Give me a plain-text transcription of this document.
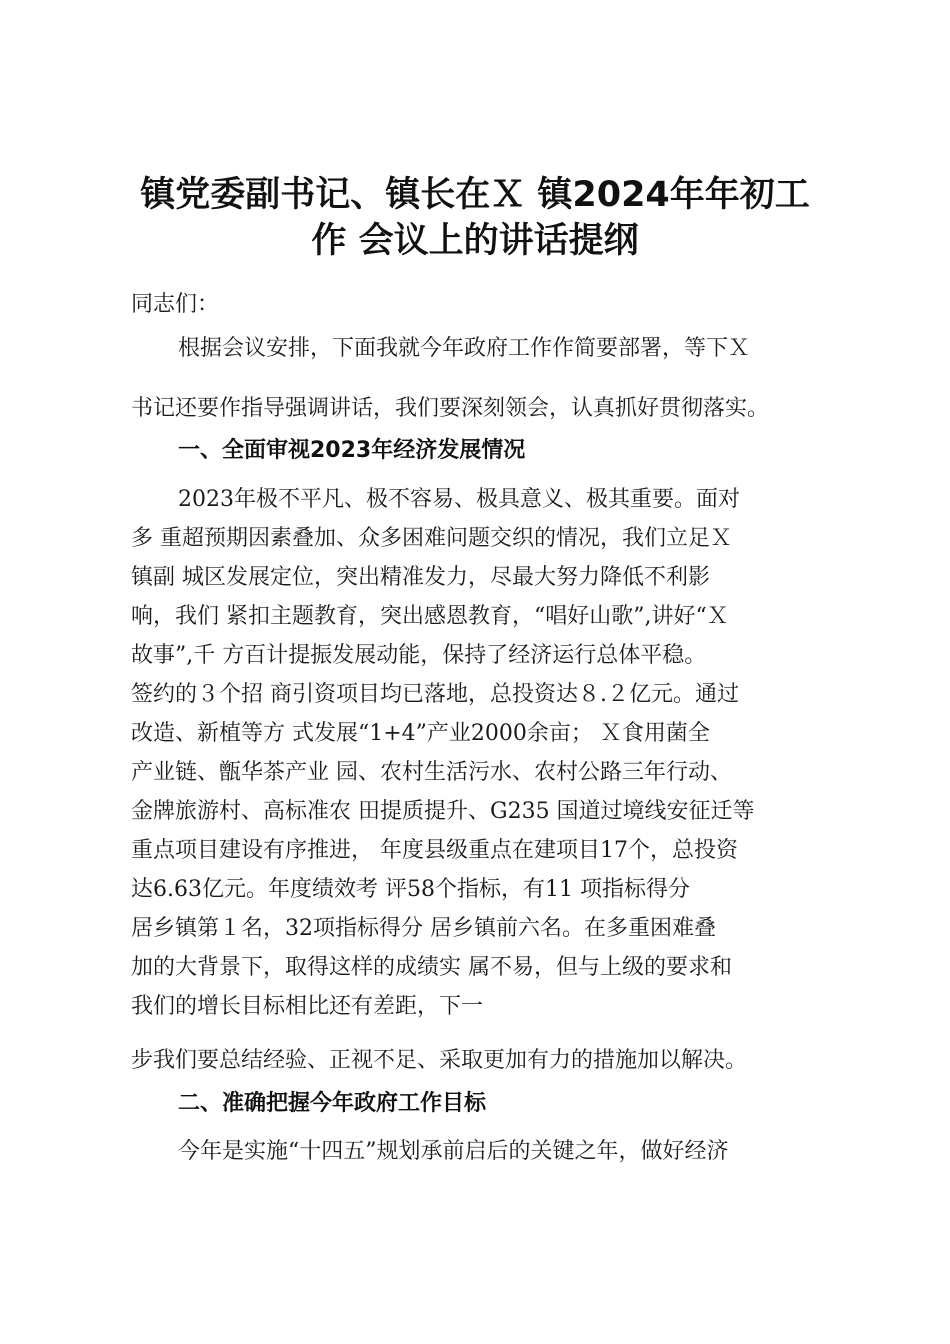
镇党委副书记、镇长在Ｘ 镇2024年年初工
作 会议上的讲话提纲

同志们：

根据会议安排，下面我就今年政府工作作简要部署，等下Ｘ

书记还要作指导强调讲话，我们要深刻领会，认真抓好贯彻落实。

一、全面审视2023年经济发展情况

2023年极不平凡、极不容易、极具意义、极其重要。面对

多 重超预期因素叠加、众多困难问题交织的情况，我们立足Ｘ

镇副 城区发展定位，突出精准发力，尽最大努力降低不利影

响，我们 紧扣主题教育，突出感恩教育，“唱好山歌”,讲好“Ｘ

故事”,千 方百计提振发展动能，保持了经济运行总体平稳。

签约的３个招 商引资项目均已落地，总投资达８.２亿元。通过

改造、新植等方 式发展“1+4”产业2000余亩； Ｘ食用菌全

产业链、甑华茶产业 园、农村生活污水、农村公路三年行动、

金牌旅游村、高标准农 田提质提升、G235 国道过境线安征迁等

重点项目建设有序推进， 年度县级重点在建项目17个，总投资

达6.63亿元。年度绩效考 评58个指标，有11 项指标得分

居乡镇第１名，32项指标得分 居乡镇前六名。在多重困难叠

加的大背景下，取得这样的成绩实 属不易，但与上级的要求和

我们的增长目标相比还有差距，下一

步我们要总结经验、正视不足、采取更加有力的措施加以解决。

二、准确把握今年政府工作目标

今年是实施“十四五”规划承前启后的关键之年，做好经济
